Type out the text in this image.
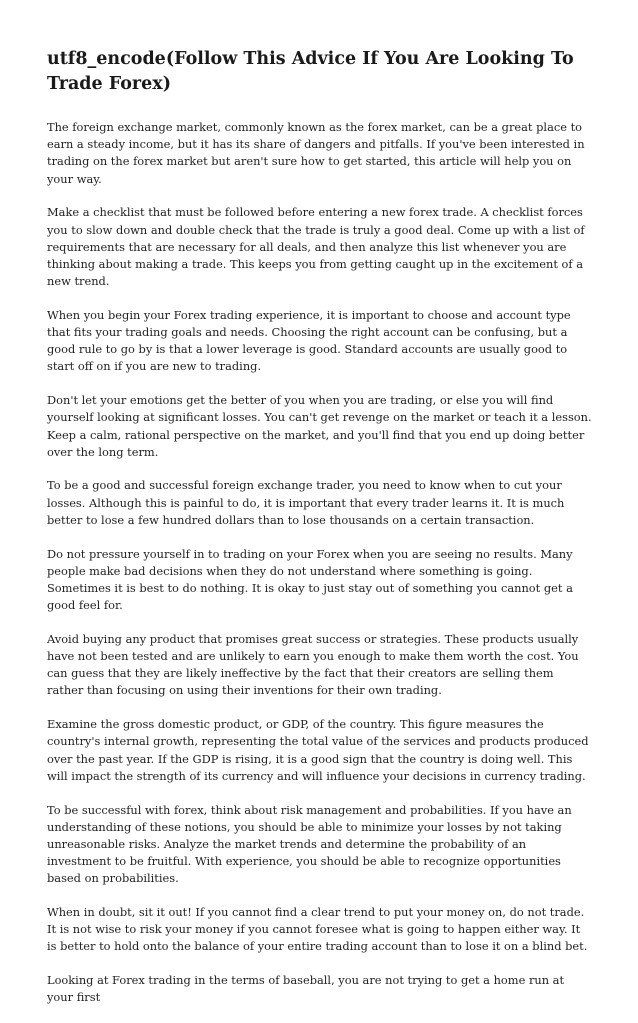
utf8_encode(Follow This Advice If You Are Looking To Trade Forex)

The foreign exchange market, commonly known as the forex market, can be a great place to earn a steady income, but it has its share of dangers and pitfalls. If you've been interested in trading on the forex market but aren't sure how to get started, this article will help you on your way.

Make a checklist that must be followed before entering a new forex trade. A checklist forces you to slow down and double check that the trade is truly a good deal. Come up with a list of requirements that are necessary for all deals, and then analyze this list whenever you are thinking about making a trade. This keeps you from getting caught up in the excitement of a new trend.

When you begin your Forex trading experience, it is important to choose and account type that fits your trading goals and needs. Choosing the right account can be confusing, but a good rule to go by is that a lower leverage is good. Standard accounts are usually good to start off on if you are new to trading.

Don't let your emotions get the better of you when you are trading, or else you will find yourself looking at significant losses. You can't get revenge on the market or teach it a lesson. Keep a calm, rational perspective on the market, and you'll find that you end up doing better over the long term.

To be a good and successful foreign exchange trader, you need to know when to cut your losses. Although this is painful to do, it is important that every trader learns it. It is much better to lose a few hundred dollars than to lose thousands on a certain transaction.

Do not pressure yourself in to trading on your Forex when you are seeing no results. Many people make bad decisions when they do not understand where something is going. Sometimes it is best to do nothing. It is okay to just stay out of something you cannot get a good feel for.

Avoid buying any product that promises great success or strategies. These products usually have not been tested and are unlikely to earn you enough to make them worth the cost. You can guess that they are likely ineffective by the fact that their creators are selling them rather than focusing on using their inventions for their own trading.

Examine the gross domestic product, or GDP, of the country. This figure measures the country's internal growth, representing the total value of the services and products produced over the past year. If the GDP is rising, it is a good sign that the country is doing well. This will impact the strength of its currency and will influence your decisions in currency trading.

To be successful with forex, think about risk management and probabilities. If you have an understanding of these notions, you should be able to minimize your losses by not taking unreasonable risks. Analyze the market trends and determine the probability of an investment to be fruitful. With experience, you should be able to recognize opportunities based on probabilities.

When in doubt, sit it out! If you cannot find a clear trend to put your money on, do not trade. It is not wise to risk your money if you cannot foresee what is going to happen either way. It is better to hold onto the balance of your entire trading account than to lose it on a blind bet.

Looking at Forex trading in the terms of baseball, you are not trying to get a home run at your first
